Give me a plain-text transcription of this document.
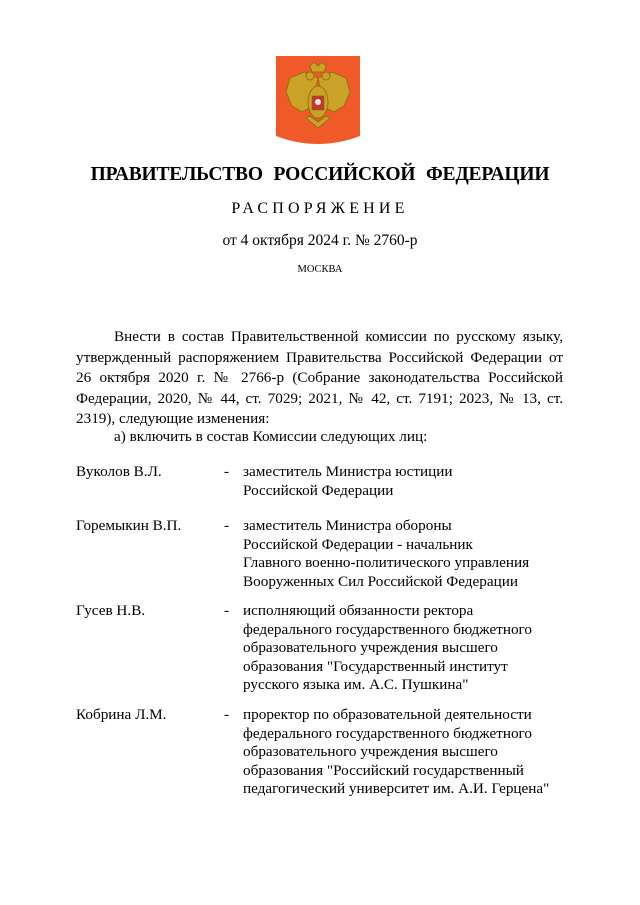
ПРАВИТЕЛЬСТВО РОССИЙСКОЙ ФЕДЕРАЦИИ
РАСПОРЯЖЕНИЕ
от 4 октября 2024 г. № 2760-р
МОСКВА

Внести в состав Правительственной комиссии по русскому языку, утвержденный распоряжением Правительства Российской Федерации от 26 октября 2020 г. № 2766-р (Собрание законодательства Российской Федерации, 2020, № 44, ст. 7029; 2021, № 42, ст. 7191; 2023, № 13, ст. 2319), следующие изменения:

а) включить в состав Комиссии следующих лиц:

Вуколов В.Л.	- заместитель Министра юстиции
Российской Федерации
Горемыкин В.П.	- заместитель Министра обороны
Российской Федерации - начальник
Главного военно-политического управления
Вооруженных Сил Российской Федерации
Гусев Н.В.	- исполняющий обязанности ректора
федерального государственного бюджетного
образовательного учреждения высшего
образования "Государственный институт
русского языка им. А.С. Пушкина"
Кобрина Л.М.	- проректор по образовательной деятельности
федерального государственного бюджетного
образовательного учреждения высшего
образования "Российский государственный
педагогический университет им. А.И. Герцена"
